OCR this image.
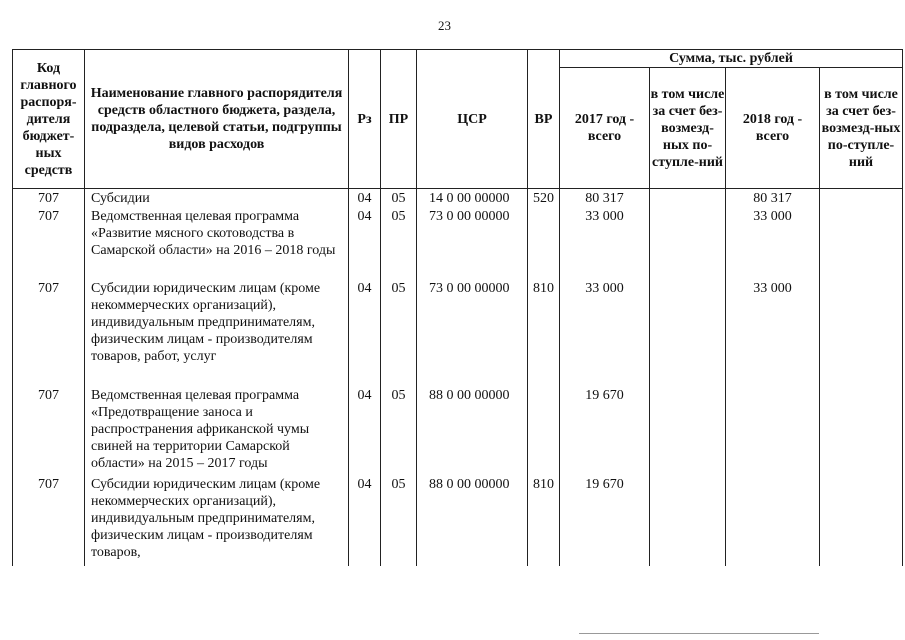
23
Код главного распоря-дителя бюджет-ных средств	Наименование главного распорядителя средств областного бюджета, раздела, подраздела, целевой статьи, подгруппы видов расходов	Рз	ПР	ЦСР	ВР	Сумма, тыс. рублей			
						2017 год - всего	в том числе за счет без-возмезд-ных по-ступле-ний	2018 год - всего	в том числе за счет без-возмезд-ных по-ступле-ний
707	Субсидии	04	05	14 0 00 00000	520	80 317		80 317	
707	Ведомственная целевая программа «Развитие мясного скотоводства в Самарской области» на 2016 – 2018 годы	04	05	73 0 00 00000		33 000		33 000	
707	Субсидии юридическим лицам (кроме некоммерческих организаций), индивидуальным предпринимателям, физическим лицам - производителям товаров, работ, услуг	04	05	73 0 00 00000	810	33 000		33 000	
707	Ведомственная целевая программа «Предотвращение заноса и распространения африканской чумы свиней на территории Самарской области» на 2015 – 2017 годы	04	05	88 0 00 00000		19 670			
707	Субсидии юридическим лицам (кроме некоммерческих организаций), индивидуальным предпринимателям, физическим лицам - производителям товаров,	04	05	88 0 00 00000	810	19 670			
